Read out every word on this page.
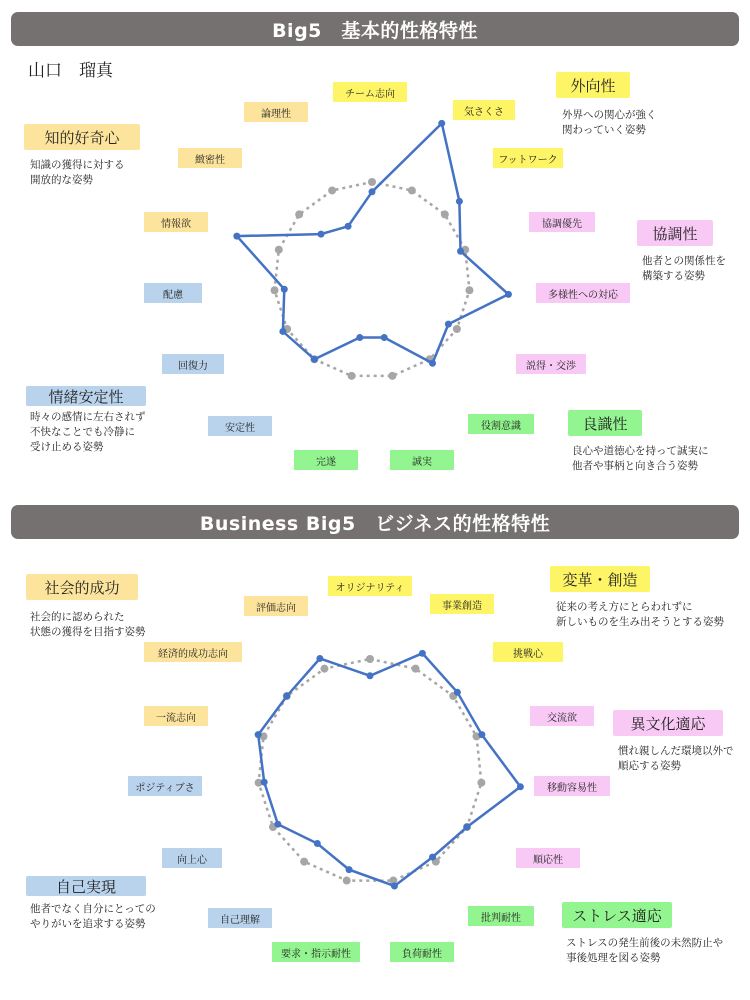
Big5　基本的性格特性
山口　瑠真
外向性
外界への関心が強く
関わっていく姿勢
知的好奇心
知識の獲得に対する
開放的な姿勢
協調性
他者との関係性を
構築する姿勢
情緒安定性
時々の感情に左右されず
不快なことでも冷静に
受け止める姿勢
良識性
良心や道徳心を持って誠実に
他者や事柄と向き合う姿勢
チーム志向
気さくさ
フットワーク
協調優先
多様性への対応
説得・交渉
役割意識
誠実
完遂
安定性
回復力
配慮
情報欲
緻密性
論理性
Business Big5　ビジネス的性格特性
変革・創造
従来の考え方にとらわれずに
新しいものを生み出そうとする姿勢
社会的成功
社会的に認められた
状態の獲得を目指す姿勢
異文化適応
慣れ親しんだ環境以外で
順応する姿勢
自己実現
他者でなく自分にとっての
やりがいを追求する姿勢	ストレス適応
ストレスの発生前後の未然防止や
事後処理を図る姿勢
オリジナリティ
事業創造
挑戦心
交流欲
移動容易性
順応性
批判耐性
負荷耐性
要求・指示耐性
自己理解
向上心
ポジティブさ
一流志向
経済的成功志向
評価志向
